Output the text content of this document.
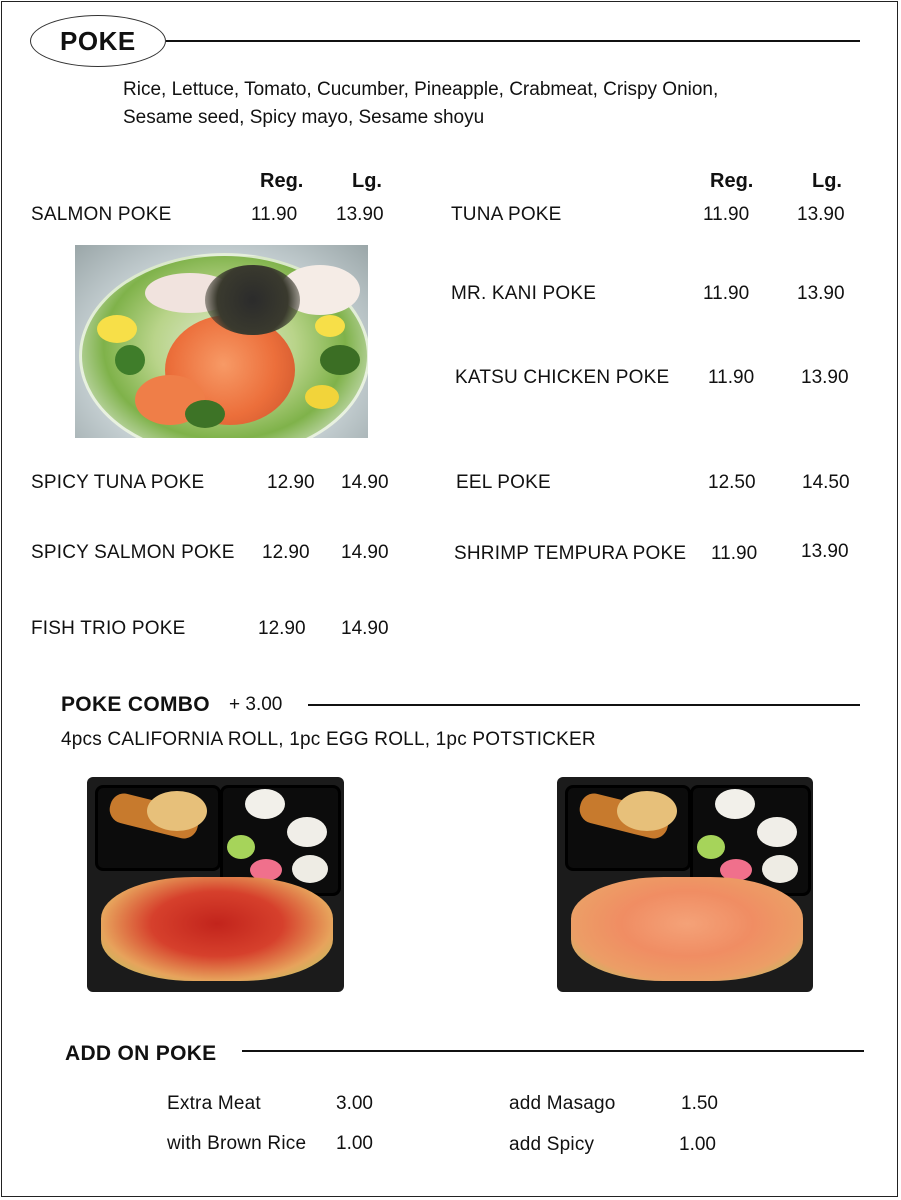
POKE
Rice, Lettuce, Tomato, Cucumber, Pineapple, Crabmeat, Crispy Onion,
Sesame seed, Spicy mayo, Sesame shoyu
Reg. Lg.	Reg.	Lg.
SALMON POKE	11.90 13.90	TUNA POKE	11.90	13.90
MR. KANI POKE	11.90	13.90
KATSU CHICKEN POKE 11.90 13.90
SPICY TUNA POKE	12.90 14.90	EEL POKE	12.50 14.50
SPICY SALMON POKE 12.90 14.90	SHRIMP TEMPURA POKE 11.90 13.90
FISH TRIO POKE	12.90 14.90
POKE COMBO + 3.00
4pcs CALIFORNIA ROLL, 1pc EGG ROLL, 1pc POTSTICKER
ADD ON POKE
Extra Meat	3.00
with Brown Rice 1.00
add Masago	1.50
add Spicy	1.00
